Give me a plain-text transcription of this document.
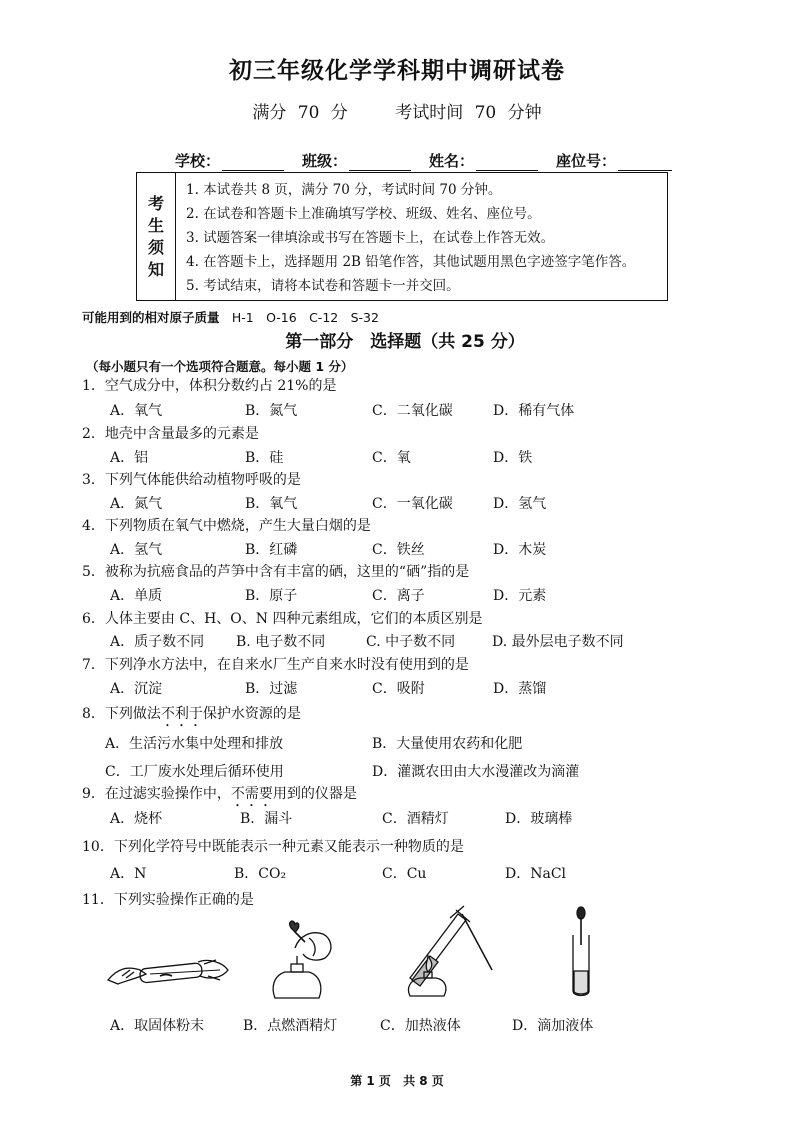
初三年级化学学科期中调研试卷
满分 70 分	考试时间 70 分钟
学校：	班级：	姓名：	座位号：
考
生
须
知
1. 本试卷共 8 页，满分 70 分，考试时间 70 分钟。
2. 在试卷和答题卡上准确填写学校、班级、姓名、座位号。
3. 试题答案一律填涂或书写在答题卡上，在试卷上作答无效。
4. 在答题卡上，选择题用 2B 铅笔作答，其他试题用黑色字迹签字笔作答。
5. 考试结束，请将本试卷和答题卡一并交回。
可能用到的相对原子质量 H-1 O-16 C-12 S-32
第一部分　选择题（共 25 分）
（每小题只有一个选项符合题意。每小题 1 分）
1．空气成分中，体积分数约占 21%的是
A．氧气	B．氮气	C．二氧化碳	D．稀有气体
2．地壳中含量最多的元素是
A．铝	B．硅	C．氧	D．铁
3．下列气体能供给动植物呼吸的是
A．氮气	B．氧气	C．一氧化碳	D．氢气
4．下列物质在氧气中燃烧，产生大量白烟的是
A．氢气	B．红磷	C．铁丝	D．木炭
5．被称为抗癌食品的芦笋中含有丰富的硒，这里的“硒”指的是
A．单质	B．原子	C．离子	D．元素
6．人体主要由 C、H、O、N 四种元素组成，它们的本质区别是
A．质子数不同 B. 电子数不同	C. 中子数不同	D. 最外层电子数不同
7．下列净水方法中，在自来水厂生产自来水时没有使用到的是
A．沉淀	B．过滤	C．吸附	D．蒸馏
8．下列做法不利于保护水资源的是
A．生活污水集中处理和排放	B．大量使用农药和化肥
C．工厂废水处理后循环使用	D．灌溉农田由大水漫灌改为滴灌
9．在过滤实验操作中，不需要用到的仪器是
A．烧杯	B．漏斗	C．酒精灯	D．玻璃棒
10．下列化学符号中既能表示一种元素又能表示一种物质的是
A．N	B．CO₂	C．Cu	D．NaCl
11．下列实验操作正确的是
A．取固体粉末	B．点燃酒精灯	C．加热液体	D．滴加液体
第 1 页 共 8 页
